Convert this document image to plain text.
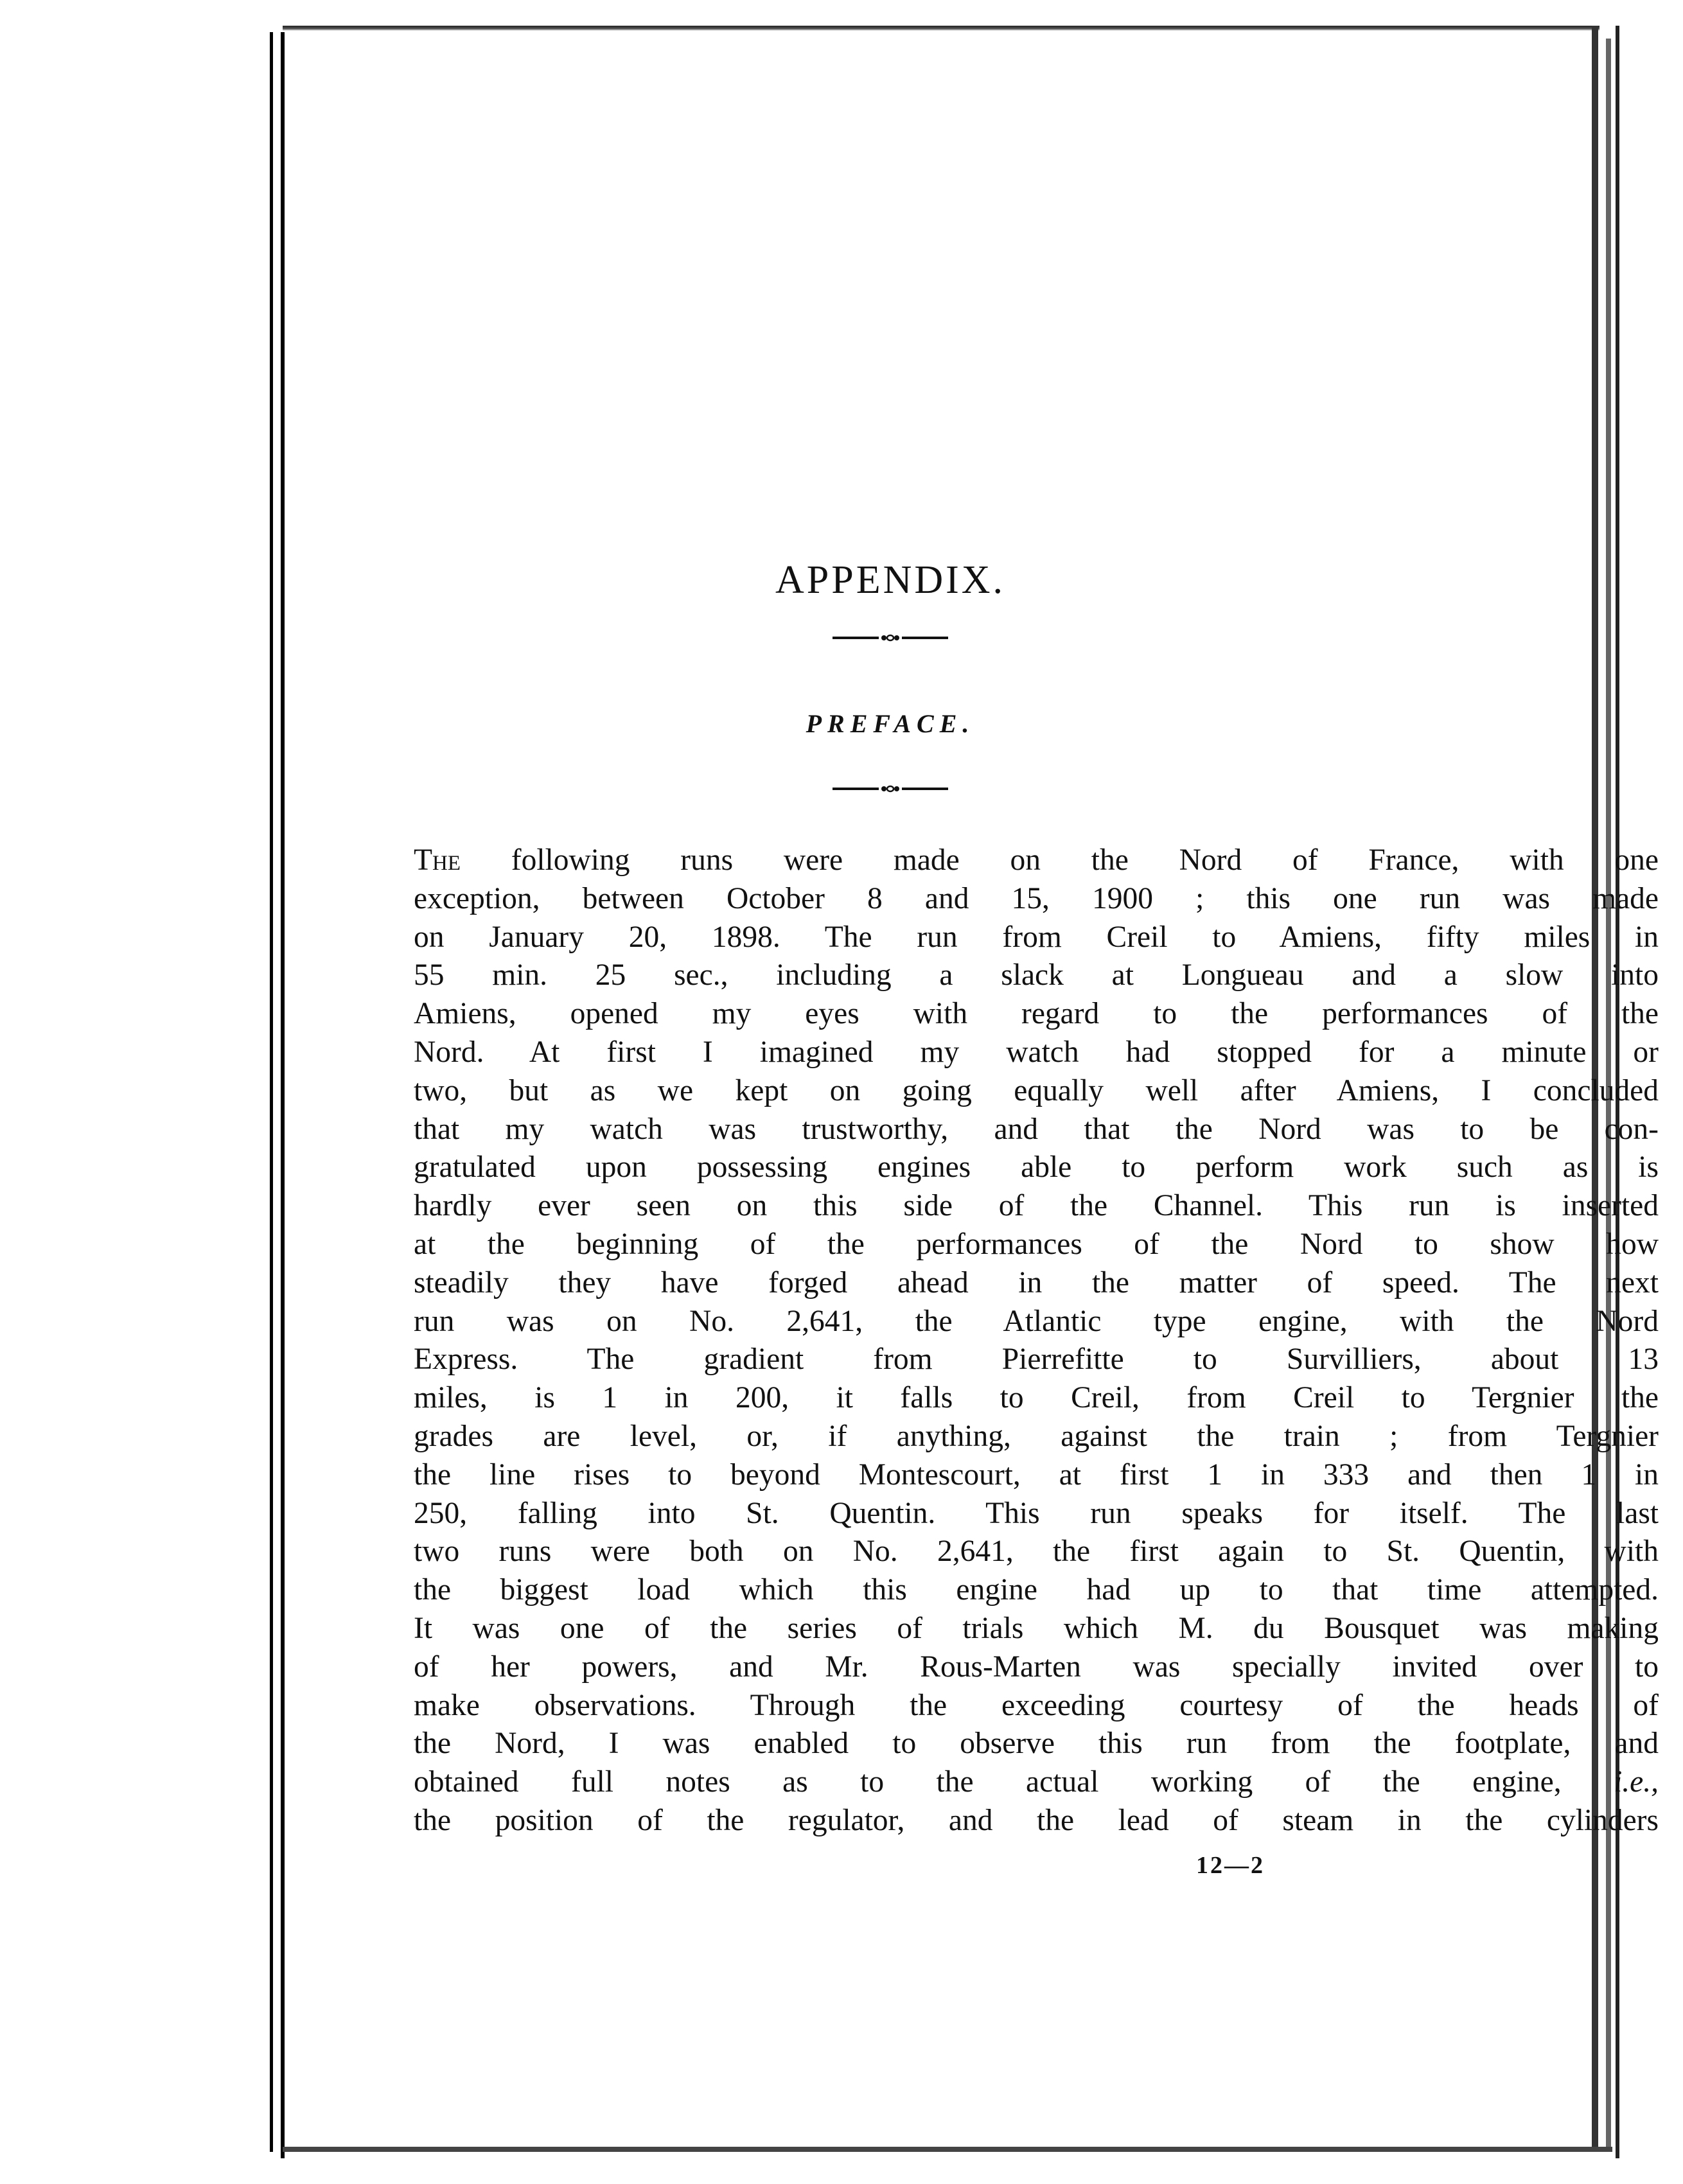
APPENDIX.
PREFACE.
The following runs were made on the Nord of France, with one
exception, between October 8 and 15, 1900 ; this one run was made
on January 20, 1898. The run from Creil to Amiens, fifty miles in
55 min. 25 sec., including a slack at Longueau and a slow into
Amiens, opened my eyes with regard to the performances of the
Nord. At first I imagined my watch had stopped for a minute or
two, but as we kept on going equally well after Amiens, I concluded
that my watch was trustworthy, and that the Nord was to be con-
gratulated upon possessing engines able to perform work such as is
hardly ever seen on this side of the Channel. This run is inserted
at the beginning of the performances of the Nord to show how
steadily they have forged ahead in the matter of speed. The next
run was on No. 2,641, the Atlantic type engine, with the Nord
Express. The gradient from Pierrefitte to Survilliers, about 13
miles, is 1 in 200, it falls to Creil, from Creil to Tergnier the
grades are level, or, if anything, against the train ; from Tergnier
the line rises to beyond Montescourt, at first 1 in 333 and then 1 in
250, falling into St. Quentin. This run speaks for itself. The last
two runs were both on No. 2,641, the first again to St. Quentin, with
the biggest load which this engine had up to that time attempted.
It was one of the series of trials which M. du Bousquet was making
of her powers, and Mr. Rous-Marten was specially invited over to
make observations. Through the exceeding courtesy of the heads of
the Nord, I was enabled to observe this run from the footplate, and
obtained full notes as to the actual working of the engine, i.e.,
the position of the regulator, and the lead of steam in the cylinders
12—2
